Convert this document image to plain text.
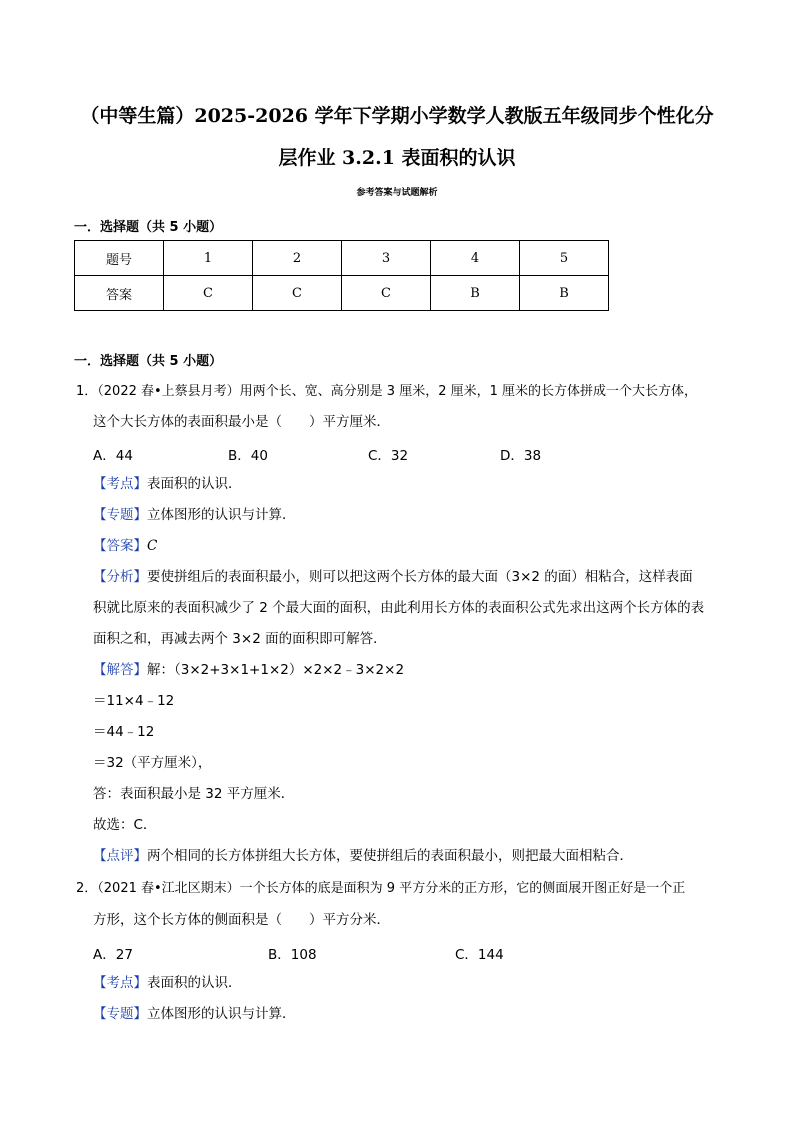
（中等生篇）2025-2026 学年下学期小学数学人教版五年级同步个性化分
层作业 3.2.1 表面积的认识
参考答案与试题解析
一．选择题（共 5 小题）
题号	1	2	3	4	5
答案	C	C	C	B	B
一．选择题（共 5 小题）
1．（2022 春•上蔡县月考）用两个长、宽、高分别是 3 厘米，2 厘米，1 厘米的长方体拼成一个大长方体，
这个大长方体的表面积最小是（　　）平方厘米．
A．44	B．40	C．32	D．38
【考点】表面积的认识．
【专题】立体图形的认识与计算．
【答案】C
【分析】要使拼组后的表面积最小，则可以把这两个长方体的最大面（3×2 的面）相粘合，这样表面
积就比原来的表面积减少了 2 个最大面的面积，由此利用长方体的表面积公式先求出这两个长方体的表
面积之和，再减去两个 3×2 面的面积即可解答．
【解答】解：（3×2+3×1+1×2）×2×2﹣3×2×2
＝11×4﹣12
＝44﹣12
＝32（平方厘米），
答：表面积最小是 32 平方厘米．
故选：C．
【点评】两个相同的长方体拼组大长方体，要使拼组后的表面积最小，则把最大面相粘合．
2．（2021 春•江北区期末）一个长方体的底是面积为 9 平方分米的正方形，它的侧面展开图正好是一个正
方形，这个长方体的侧面积是（　　）平方分米．
A．27	B．108	C．144
【考点】表面积的认识．
【专题】立体图形的认识与计算．
